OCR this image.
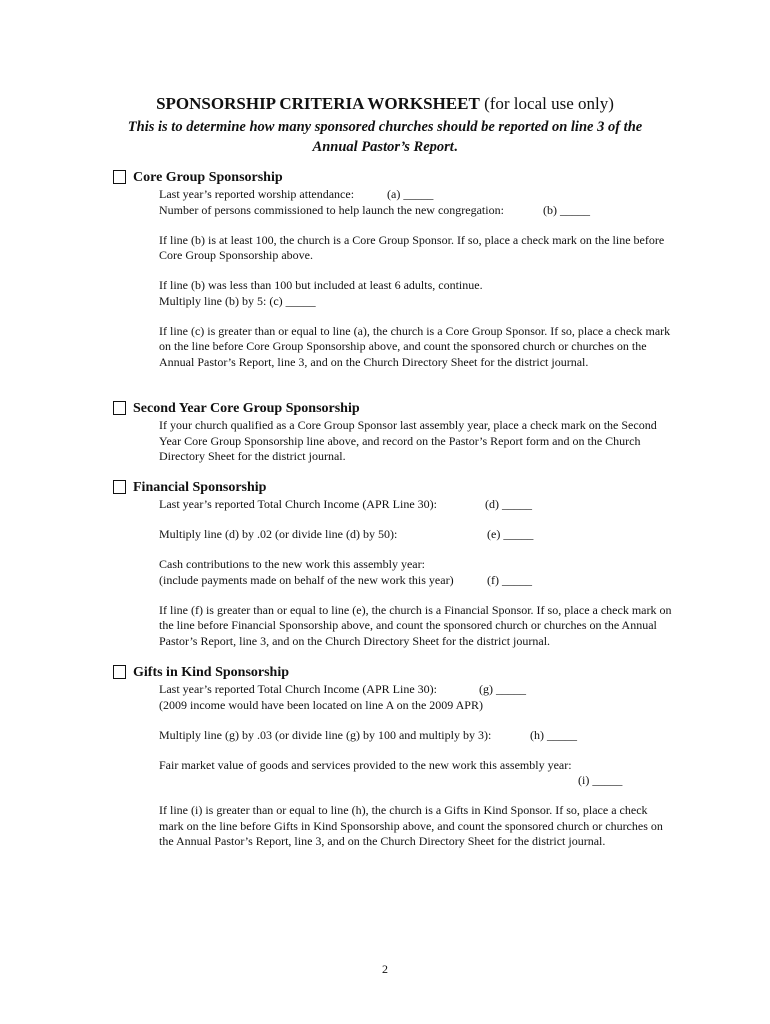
SPONSORSHIP CRITERIA WORKSHEET (for local use only)
This is to determine how many sponsored churches should be reported on line 3 of the
Annual Pastor’s Report.
Core Group Sponsorship
Last year’s reported worship attendance:	(a) _____
Number of persons commissioned to help launch the new congregation:	(b) _____

If line (b) is at least 100, the church is a Core Group Sponsor. If so, place a check mark on the line before Core Group Sponsorship above.

If line (b) was less than 100 but included at least 6 adults, continue.

Multiply line (b) by 5: (c) _____

If line (c) is greater than or equal to line (a), the church is a Core Group Sponsor. If so, place a check mark on the line before Core Group Sponsorship above, and count the sponsored church or churches on the Annual Pastor’s Report, line 3, and on the Church Directory Sheet for the district journal.

Second Year Core Group Sponsorship

If your church qualified as a Core Group Sponsor last assembly year, place a check mark on the Second Year Core Group Sponsorship line above, and record on the Pastor’s Report form and on the Church Directory Sheet for the district journal.

Financial Sponsorship
Last year’s reported Total Church Income (APR Line 30):	(d) _____
Multiply line (d) by .02 (or divide line (d) by 50):	(e) _____

Cash contributions to the new work this assembly year:

(include payments made on behalf of the new work this year)	(f) _____

If line (f) is greater than or equal to line (e), the church is a Financial Sponsor. If so, place a check mark on the line before Financial Sponsorship above, and count the sponsored church or churches on the Annual Pastor’s Report, line 3, and on the Church Directory Sheet for the district journal.

Gifts in Kind Sponsorship
Last year’s reported Total Church Income (APR Line 30):	(g) _____

(2009 income would have been located on line A on the 2009 APR)

Multiply line (g) by .03 (or divide line (g) by 100 and multiply by 3):	(h) _____

Fair market value of goods and services provided to the new work this assembly year:

(i) _____

If line (i) is greater than or equal to line (h), the church is a Gifts in Kind Sponsor. If so, place a check mark on the line before Gifts in Kind Sponsorship above, and count the sponsored church or churches on the Annual Pastor’s Report, line 3, and on the Church Directory Sheet for the district journal.

2
